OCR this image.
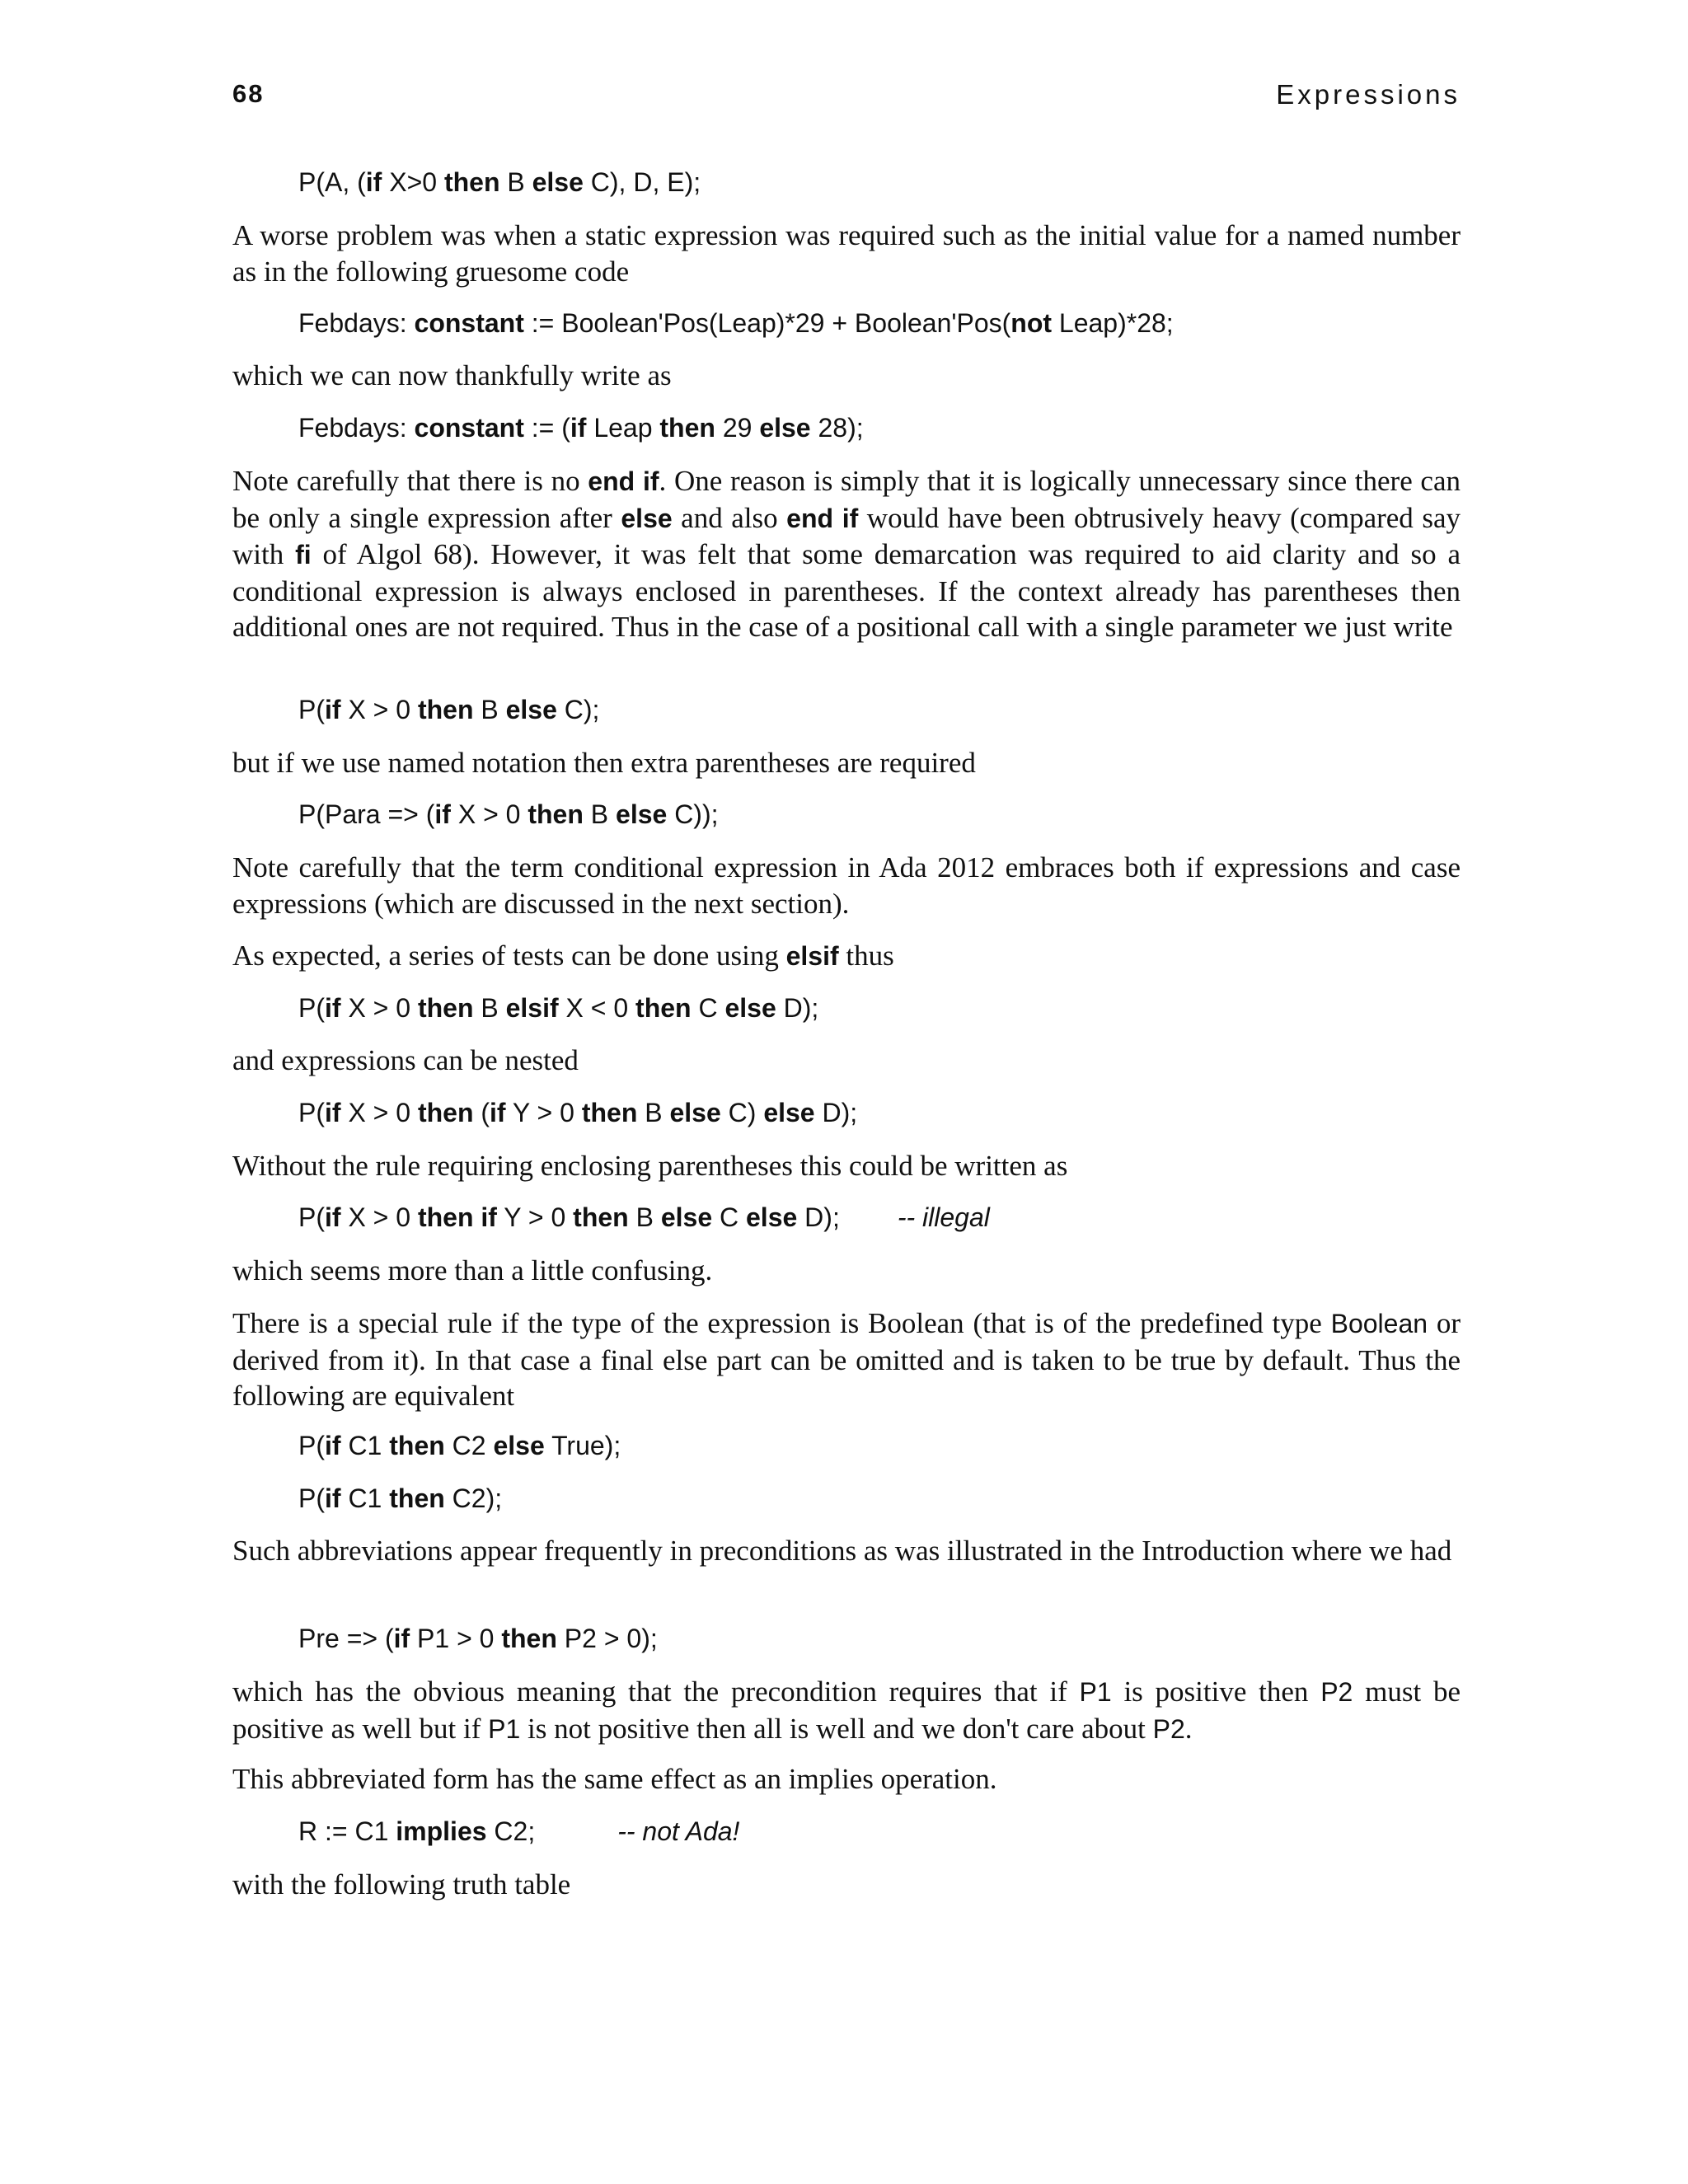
68	Expressions
P(A, (if X>0 then B else C), D, E);
A worse problem was when a static expression was required such as the initial value for a named number as in the following gruesome code
Febdays: constant := Boolean'Pos(Leap)*29 + Boolean'Pos(not Leap)*28;
which we can now thankfully write as
Febdays: constant := (if Leap then 29 else 28);
Note carefully that there is no end if. One reason is simply that it is logically unnecessary since there can be only a single expression after else and also end if would have been obtrusively heavy (compared say with fi of Algol 68). However, it was felt that some demarcation was required to aid clarity and so a conditional expression is always enclosed in parentheses. If the context already has parentheses then additional ones are not required. Thus in the case of a positional call with a single parameter we just write
P(if X > 0 then B else C);
but if we use named notation then extra parentheses are required
P(Para => (if X > 0 then B else C));
Note carefully that the term conditional expression in Ada 2012 embraces both if expressions and case expressions (which are discussed in the next section).
As expected, a series of tests can be done using elsif thus
P(if X > 0 then B elsif X < 0 then C else D);
and expressions can be nested
P(if X > 0 then (if Y > 0 then B else C) else D);
Without the rule requiring enclosing parentheses this could be written as
P(if X > 0 then if Y > 0 then B else C else D); -- illegal
which seems more than a little confusing.
There is a special rule if the type of the expression is Boolean (that is of the predefined type Boolean or derived from it). In that case a final else part can be omitted and is taken to be true by default. Thus the following are equivalent
P(if C1 then C2 else True);
P(if C1 then C2);
Such abbreviations appear frequently in preconditions as was illustrated in the Introduction where we had
Pre => (if P1 > 0 then P2 > 0);
which has the obvious meaning that the precondition requires that if P1 is positive then P2 must be positive as well but if P1 is not positive then all is well and we don't care about P2.
This abbreviated form has the same effect as an implies operation.
R := C1 implies C2;	-- not Ada!
with the following truth table
